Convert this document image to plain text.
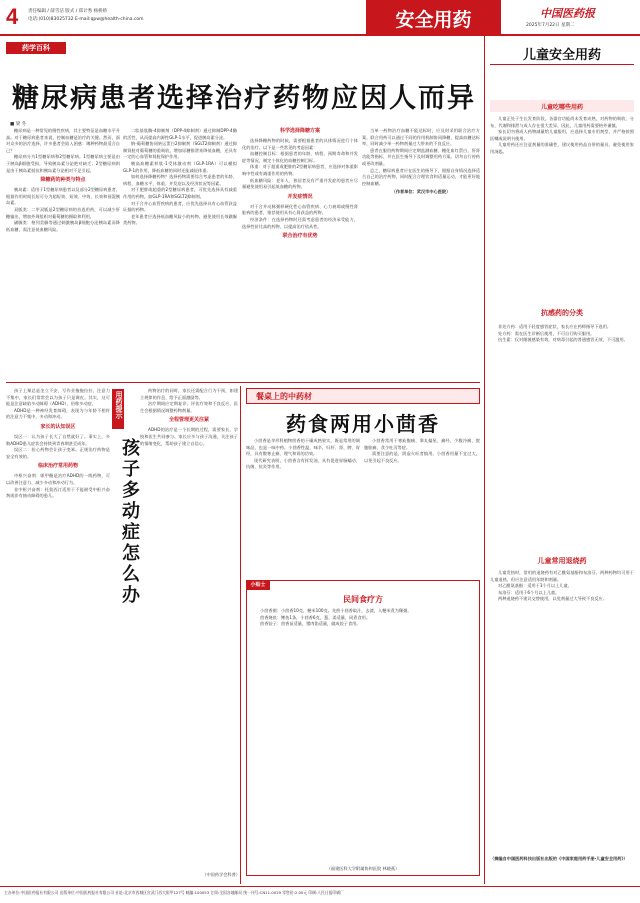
4 责任编辑 / 薛雪洁 版式 / 郑计秀 杨桥娇
电话:(010)83025732 E-mail:qpw@health-china.com	安全用药	中国医药报
2025年7月22日 星期二
药学百科
糖尿病患者选择治疗药物应因人而异
■ 梁 冬

糖尿病是一种常见的慢性疾病，其主要特征是血糖水平升高。对于糖尿病患者来说，控制血糖是治疗的关键。然而，面对众多的治疗选择，许多患者会陷入困惑：哪种药物最适合自己？

糖尿病分为1型糖尿病和2型糖尿病。1型糖尿病主要是由于胰岛β细胞受损，导致胰岛素分泌绝对缺乏；2型糖尿病则是由于胰岛素抵抗和胰岛素分泌相对不足引起。

降糖药的种类与特点

胰岛素：适用于1型糖尿病患者以及部分2型糖尿病患者。根据作用时间长短可分为超短效、短效、中效、长效和预混胰岛素。

双胍类：二甲双胍是2型糖尿病的首选用药，可以减少肝糖输出，增加外周组织对葡萄糖的摄取和利用。

磺脲类：格列美脲等通过刺激胰岛β细胞分泌胰岛素而降低血糖，需注意低血糖风险。

二肽基肽酶-4抑制剂（DPP-4抑制剂）通过抑制DPP-4酶的活性，从而提高内源性GLP-1水平，促进胰岛素分泌。

钠-葡萄糖协同转运蛋白2抑制剂（SGLT2抑制剂）通过抑制肾脏对葡萄糖的重吸收，增加尿糖排泄来降低血糖，还具有一定的心血管和肾脏保护作用。

胰高血糖素样肽-1受体激动剂（GLP-1RA）可以模拟GLP-1的作用，降低血糖的同时还能减轻体重。

如何选择降糖药物？选择药物需要综合考虑患者的年龄、病程、血糖水平、体重、并发症以及经济状况等因素。

对于肥胖或超重的2型糖尿病患者，可优先选择具有减重作用的药物，如GLP-1RA和SGLT2抑制剂。

对于合并心血管疾病的患者，应优先选择具有心血管获益证据的药物。

老年患者应选择低血糖风险小的药物，避免使用长效磺脲类药物。

科学选择降糖方案

选择降糖药物的时候，需要根据患者的具体情况进行个体化的治疗。以下是一些常见的考虑因素：

血糖控制目标：根据患者的年龄、病程、预期寿命和并发症等情况，制定个体化的血糖控制目标。

体重：对于超重或肥胖的2型糖尿病患者，应选择对体重影响中性或有减重作用的药物。

低血糖风险：老年人、独居者及有严重并发症的患者应尽量避免使用易引起低血糖的药物。

并发症情况

对于合并动脉粥样硬化性心血管疾病、心力衰竭或慢性肾脏病的患者，推荐使用具有心肾获益的药物。

经济条件：在选择药物时还需考虑患者的经济承受能力，选择性价比高的药物，以提高治疗依从性。

联合治疗有优势

当单一药物治疗血糖不能达标时，应及时采用联合治疗方案。联合用药可以通过不同的作用机制协同降糖，提高血糖达标率，同时减少单一药物剂量过大带来的不良反应。

患者在服用药物期间应定期监测血糖、糖化血红蛋白、肝肾功能等指标，并在医生指导下及时调整用药方案。切勿自行停药或更改剂量。

总之，糖尿病患者应在医生的指导下，根据自身情况选择适合自己的治疗药物，同时配合合理饮食和适量运动，才能更好地控制血糖。

（作者单位：武汉市中心医院）
用药提示
孩子多动症怎么办

孩子上课总是坐立不安，写作业拖拖拉拉，注意力不集中，家长们常常会以为孩子只是调皮。其实，这可能是注意缺陷多动障碍（ADHD），俗称多动症。

ADHD是一种神经发育障碍，表现为与年龄不相符的注意力不集中、多动和冲动。

家长的认知误区

误区一：认为孩子长大了自然就好了。事实上，多数ADHD患儿症状会持续到青春期甚至成年。

误区二：担心药物会让孩子变笨。正规治疗药物是安全有效的。

临床治疗常用药物

中枢兴奋剂：哌甲酯是治疗ADHD的一线药物，可以改善注意力、减少多动和冲动行为。

非中枢兴奋剂：托莫西汀适用于不能耐受中枢兴奋剂或伴有抽动障碍的患儿。

药物治疗的同时，家长还需配合行为干预，如建立规律的作息、给予正面激励等。

治疗期间应定期复诊，评估疗效和不良反应，医生会根据情况调整药物剂量。

全程管理更关注紧

ADHD的治疗是一个长期的过程，需要家长、学校和医生共同参与。家长应多与孩子沟通，关注孩子的情绪变化，帮助孩子建立自信心。

（中国药学会科普）
餐桌上的中药材
药食两用小茴香

小茴香是伞形科植物茴香的干燥成熟果实，既是常用的调味品，也是一味中药。小茴香性温，味辛，归肝、肾、脾、胃经，具有散寒止痛、理气和胃的功效。

现代研究表明，小茴香含有挥发油，具有促进胃肠蠕动、抗菌、抗炎等作用。

小茴香常用于寒疝腹痛、睾丸偏坠、痛经、少腹冷痛、脘腹胀痛、食少吐泻等症。

需要注意的是，阴虚火旺者慎用。小茴香用量不宜过大，以免引起不良反应。

小贴士
民间食疗方

小茴香粥：小茴香10克，粳米100克。先煎小茴香取汁，去渣，入粳米煮为稀粥。

茴香烧鱼：鲤鱼1条，小茴香6克，葱、姜适量，同煮食用。

茴香饺子：茴香苗适量，猪肉馅适量，做成饺子食用。

（福建医科大学附属协和医院 林晓燕）
儿童安全用药
儿童吃哪些用药

儿童正处于生长发育阶段，各器官功能尚未发育成熟，对药物的吸收、分布、代谢和排泄与成人存在很大差异。因此，儿童用药需要格外谨慎。

家长切勿将成人药物减量给儿童服用，应选择儿童专用剂型，并严格按照医嘱或说明书使用。

儿童用药还应注意剂量的准确性，建议使用药品自带的量具，避免使用家用汤匙。

抗感药的分类

非处方药：适用于轻度感冒症状，家长应在药师指导下选用。

处方药：需在医生诊断后使用，不可自行购买服用。

抗生素：仅对细菌感染有效，对病毒引起的普通感冒无效，不可滥用。

儿童常用退烧药

儿童发热时，常用的退烧药有对乙酰氨基酚和布洛芬。两种药物均可用于儿童退热，但应注意适用年龄和剂量。

对乙酰氨基酚：适用于3个月以上儿童。

布洛芬：适用于6个月以上儿童。

两种退烧药不建议交替使用，以免剂量过大导致不良反应。

（摘编自中国医药科技出版社出版的《中国家庭用药手册·儿童安全用药》）
主办单位:中国医药报社有限公司 出版单位:中国医药报社有限公司 社址:北京市西城区宣武门西大街甲127号 邮编:100053 订阅:全国各地邮局 统一刊号:CN11-0029 零售价:2.00元 印刷:人民日报印刷厂
